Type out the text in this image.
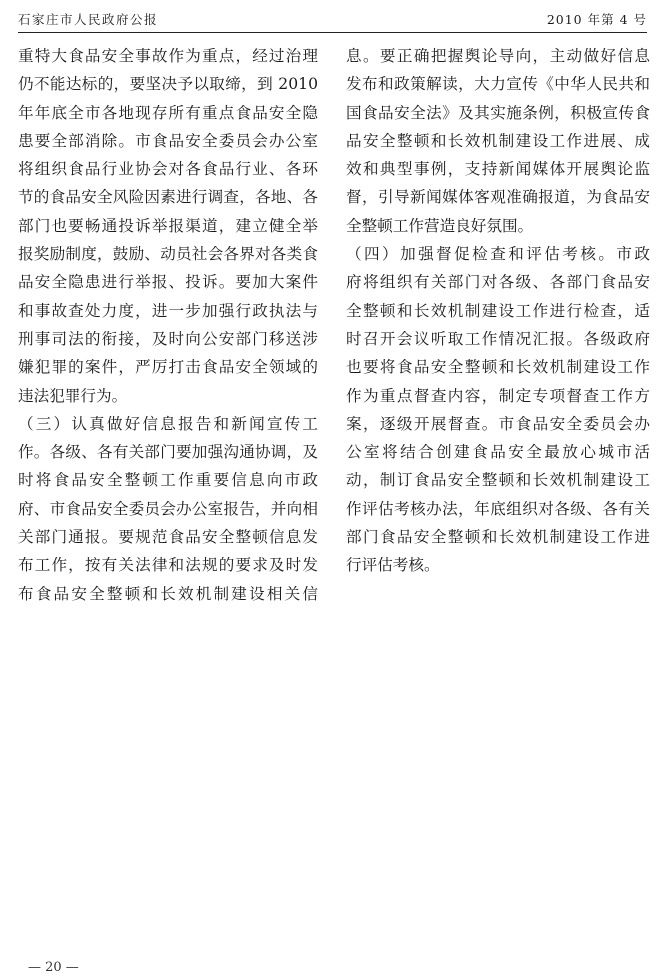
石家庄市人民政府公报	2010 年第 4 号
重特大食品安全事故作为重点，经过治理
仍不能达标的，要坚决予以取缔，到 2010
年年底全市各地现存所有重点食品安全隐
患要全部消除。市食品安全委员会办公室
将组织食品行业协会对各食品行业、各环
节的食品安全风险因素进行调查，各地、各
部门也要畅通投诉举报渠道，建立健全举
报奖励制度，鼓励、动员社会各界对各类食
品安全隐患进行举报、投诉。要加大案件
和事故查处力度，进一步加强行政执法与
刑事司法的衔接，及时向公安部门移送涉
嫌犯罪的案件，严厉打击食品安全领域的
违法犯罪行为。
（三）认真做好信息报告和新闻宣传工
作。各级、各有关部门要加强沟通协调，及
时将食品安全整顿工作重要信息向市政
府、市食品安全委员会办公室报告，并向相
关部门通报。要规范食品安全整顿信息发
布工作，按有关法律和法规的要求及时发
布食品安全整顿和长效机制建设相关信
息。要正确把握舆论导向，主动做好信息
发布和政策解读，大力宣传《中华人民共和
国食品安全法》及其实施条例，积极宣传食
品安全整顿和长效机制建设工作进展、成
效和典型事例，支持新闻媒体开展舆论监
督，引导新闻媒体客观准确报道，为食品安
全整顿工作营造良好氛围。
（四）加强督促检查和评估考核。市政
府将组织有关部门对各级、各部门食品安
全整顿和长效机制建设工作进行检查，适
时召开会议听取工作情况汇报。各级政府
也要将食品安全整顿和长效机制建设工作
作为重点督查内容，制定专项督查工作方
案，逐级开展督查。市食品安全委员会办
公室将结合创建食品安全最放心城市活
动，制订食品安全整顿和长效机制建设工
作评估考核办法，年底组织对各级、各有关
部门食品安全整顿和长效机制建设工作进
行评估考核。
— 20 —
